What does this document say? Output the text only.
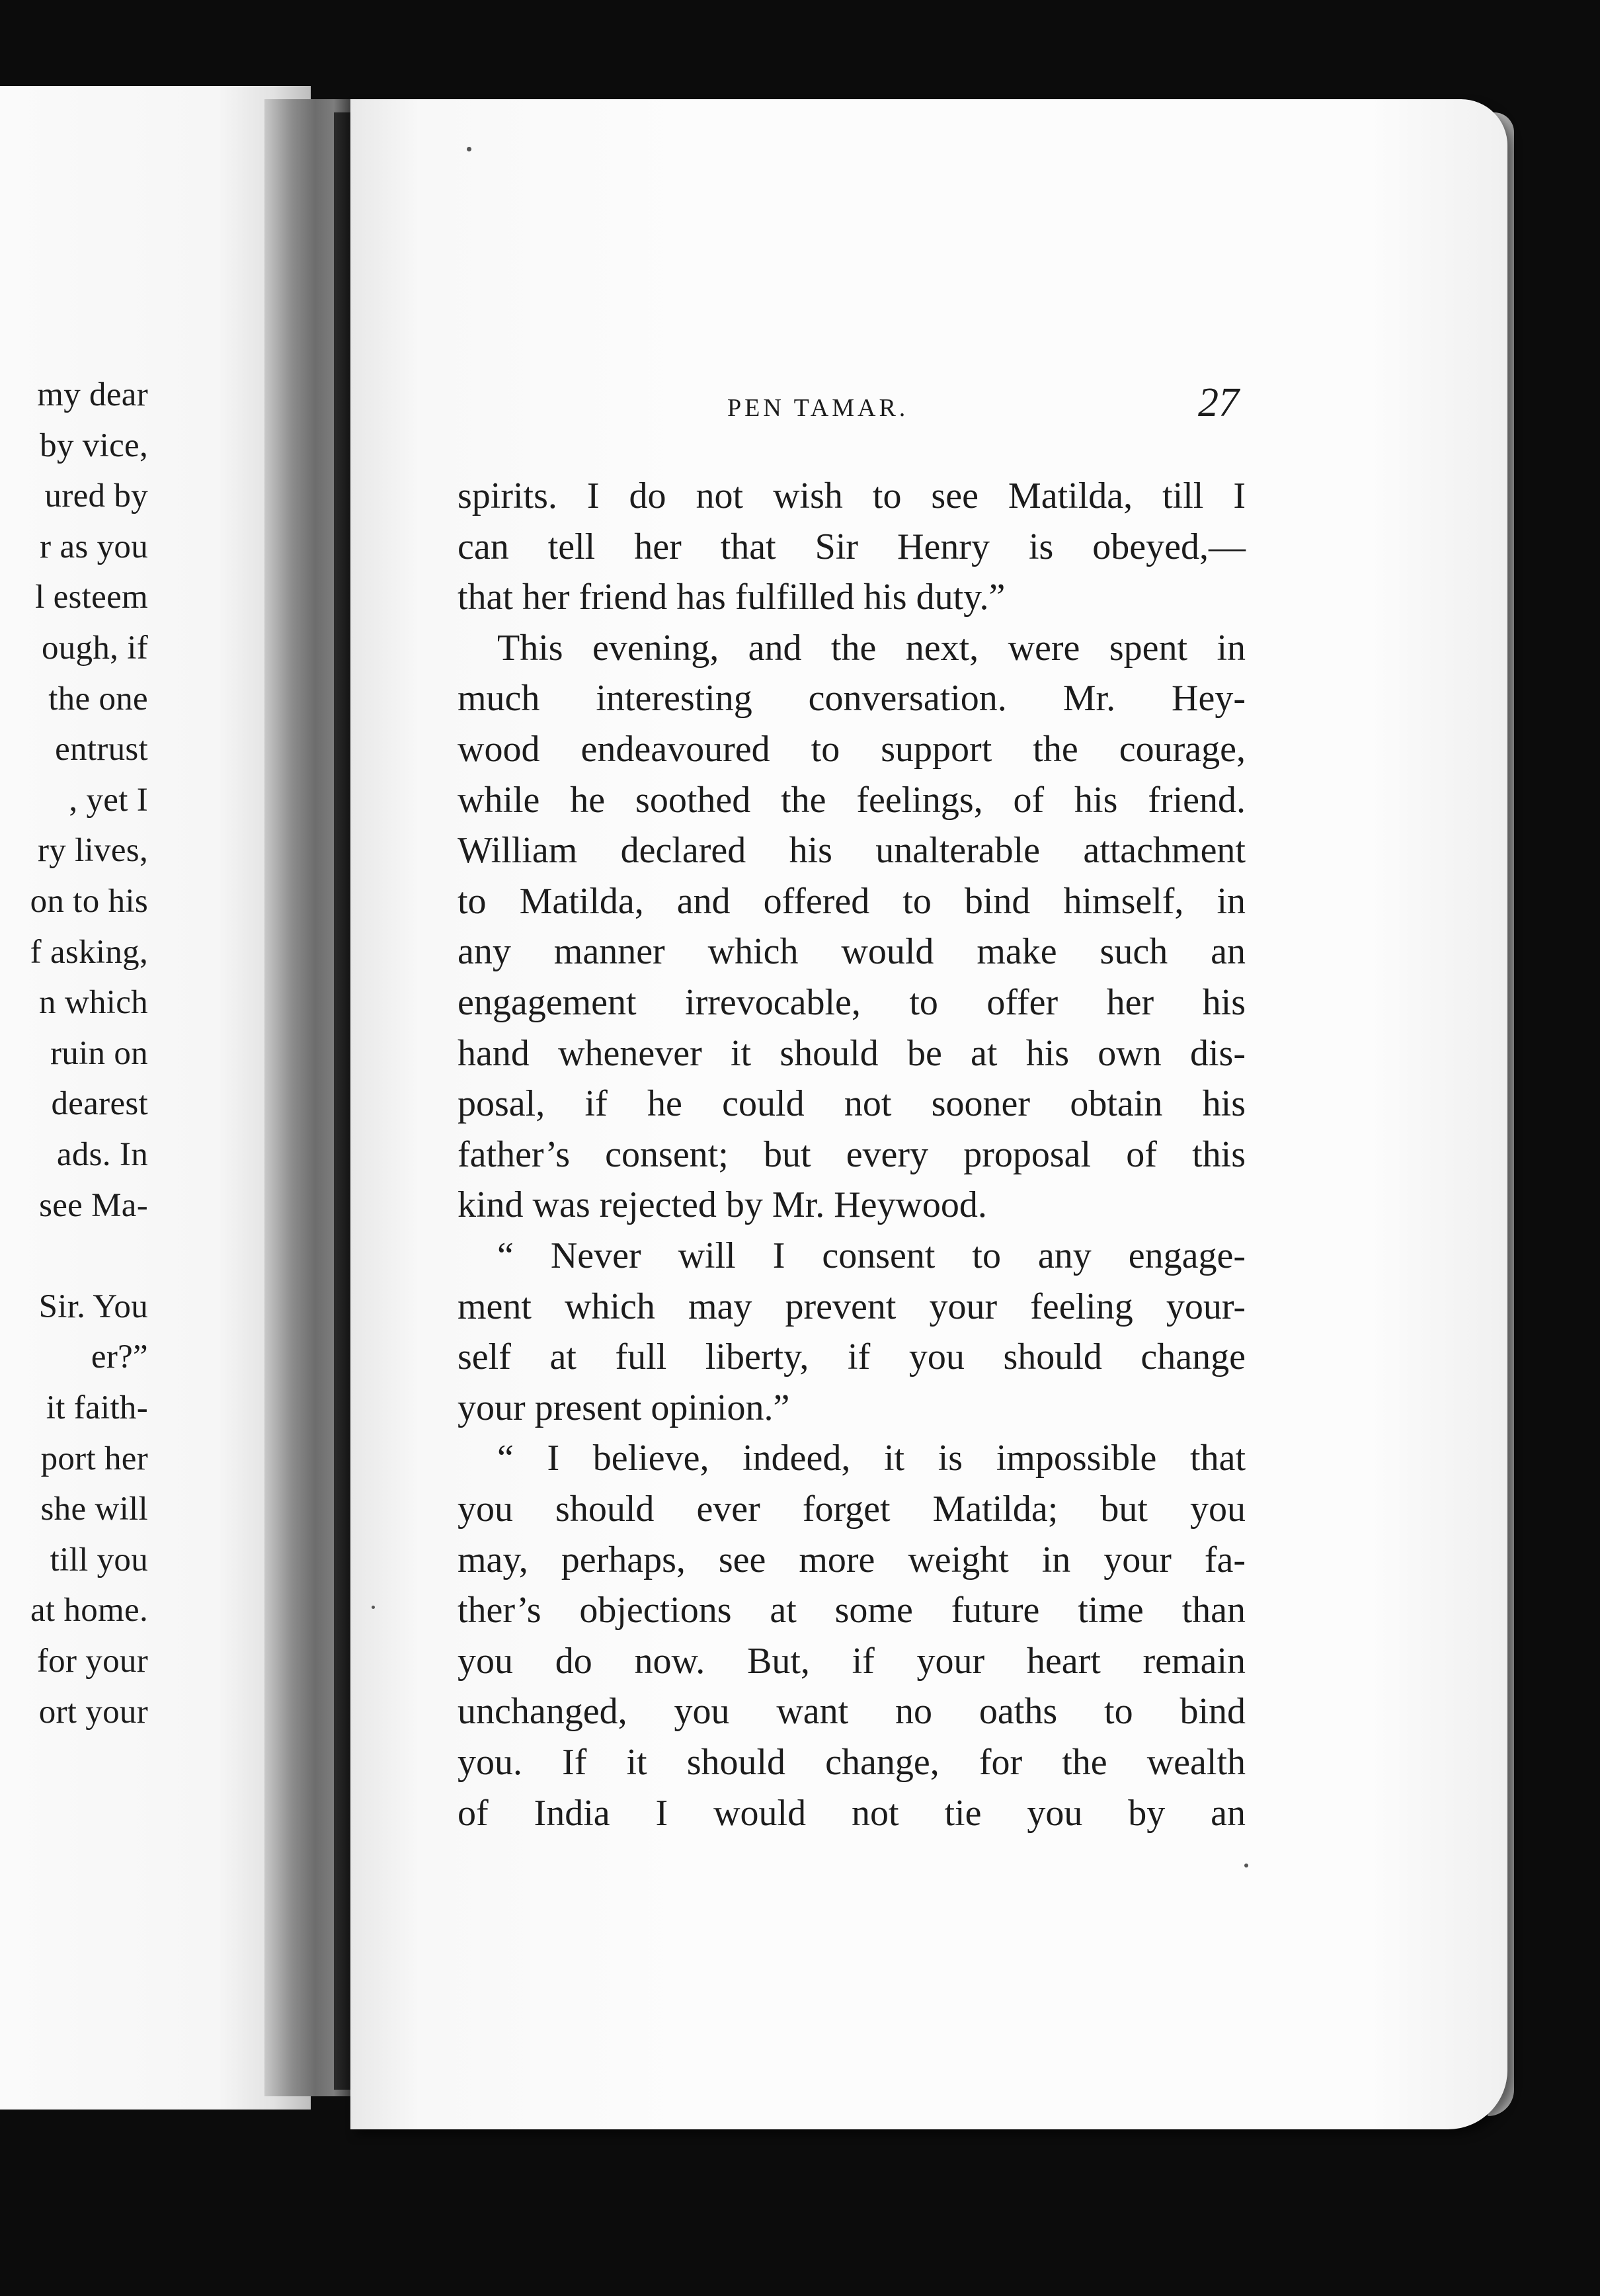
my dear
by vice,
ured by
r as you
l esteem
ough, if
the one
entrust
, yet I
ry lives,
on to his
f asking,
n which
ruin on
dearest
ads. In
see Ma-
Sir. You
er?”
it faith-
port her
she will
till you
at home.
for your
ort your
PEN TAMAR.	27
spirits. I do not wish to see Matilda, till I
can tell her that Sir Henry is obeyed,—
that her friend has fulfilled his duty.”
This evening, and the next, were spent in
much interesting conversation. Mr. Hey-
wood endeavoured to support the courage,
while he soothed the feelings, of his friend.
William declared his unalterable attachment
to Matilda, and offered to bind himself, in
any manner which would make such an
engagement irrevocable, to offer her his
hand whenever it should be at his own dis-
posal, if he could not sooner obtain his
father’s consent; but every proposal of this
kind was rejected by Mr. Heywood.
“ Never will I consent to any engage-
ment which may prevent your feeling your-
self at full liberty, if you should change
your present opinion.”
“ I believe, indeed, it is impossible that
you should ever forget Matilda; but you
may, perhaps, see more weight in your fa-
ther’s objections at some future time than
you do now. But, if your heart remain
unchanged, you want no oaths to bind
you. If it should change, for the wealth
of India I would not tie you by an
